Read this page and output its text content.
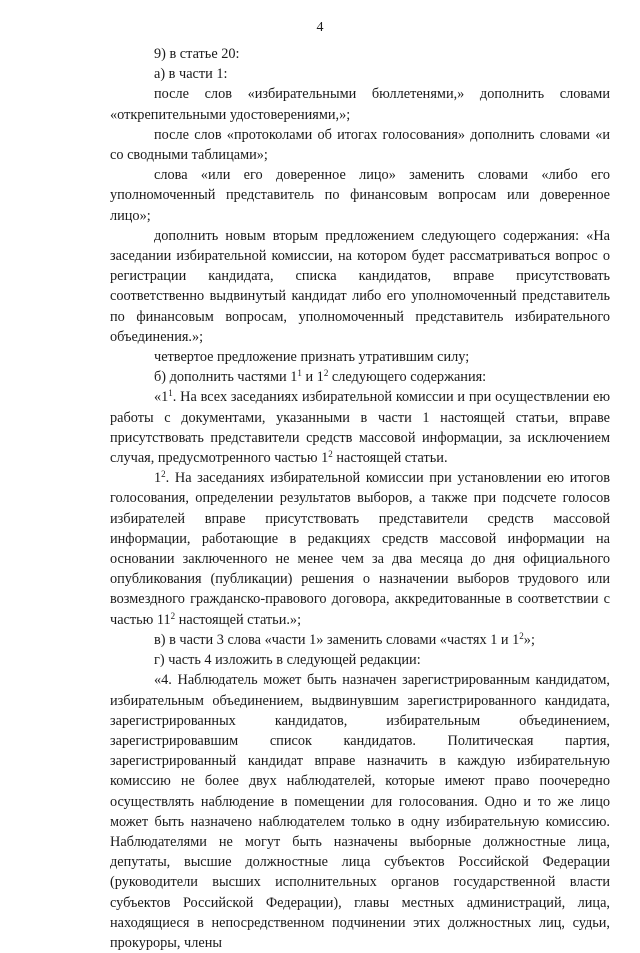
4

9) в статье 20:

а) в части 1:

после слов «избирательными бюллетенями,» дополнить словами «открепительными удостоверениями,»;

после слов «протоколами об итогах голосования» дополнить словами «и со сводными таблицами»;

слова «или его доверенное лицо» заменить словами «либо его уполномоченный представитель по финансовым вопросам или доверенное лицо»;

дополнить новым вторым предложением следующего содержания: «На заседании избирательной комиссии, на котором будет рассматриваться вопрос о регистрации кандидата, списка кандидатов, вправе присутствовать соответственно выдвинутый кандидат либо его уполномоченный представитель по финансовым вопросам, уполномоченный представитель избирательного объединения.»;

четвертое предложение признать утратившим силу;

б) дополнить частями $1^1$ и $1^2$ следующего содержания:

«$1^1$. На всех заседаниях избирательной комиссии и при осуществлении ею работы с документами, указанными в части 1 настоящей статьи, вправе присутствовать представители средств массовой информации, за исключением случая, предусмотренного частью $1^2$ настоящей статьи.

$1^2$. На заседаниях избирательной комиссии при установлении ею итогов голосования, определении результатов выборов, а также при подсчете голосов избирателей вправе присутствовать представители средств массовой информации, работающие в редакциях средств массовой информации на основании заключенного не менее чем за два месяца до дня официального опубликования (публикации) решения о назначении выборов трудового или возмездного гражданско-правового договора, аккредитованные в соответствии с частью $11^2$ настоящей статьи.»;

в) в части 3 слова «части 1» заменить словами «частях 1 и $1^2$»;

г) часть 4 изложить в следующей редакции:

«4. Наблюдатель может быть назначен зарегистрированным кандидатом, избирательным объединением, выдвинувшим зарегистрированного кандидата, зарегистрированных кандидатов, избирательным объединением, зарегистрировавшим список кандидатов. Политическая партия, зарегистрированный кандидат вправе назначить в каждую избирательную комиссию не более двух наблюдателей, которые имеют право поочередно осуществлять наблюдение в помещении для голосования. Одно и то же лицо может быть назначено наблюдателем только в одну избирательную комиссию. Наблюдателями не могут быть назначены выборные должностные лица, депутаты, высшие должностные лица субъектов Российской Федерации (руководители высших исполнительных органов государственной власти субъектов Российской Федерации), главы местных администраций, лица, находящиеся в непосредственном подчинении этих должностных лиц, судьи, прокуроры, члены
